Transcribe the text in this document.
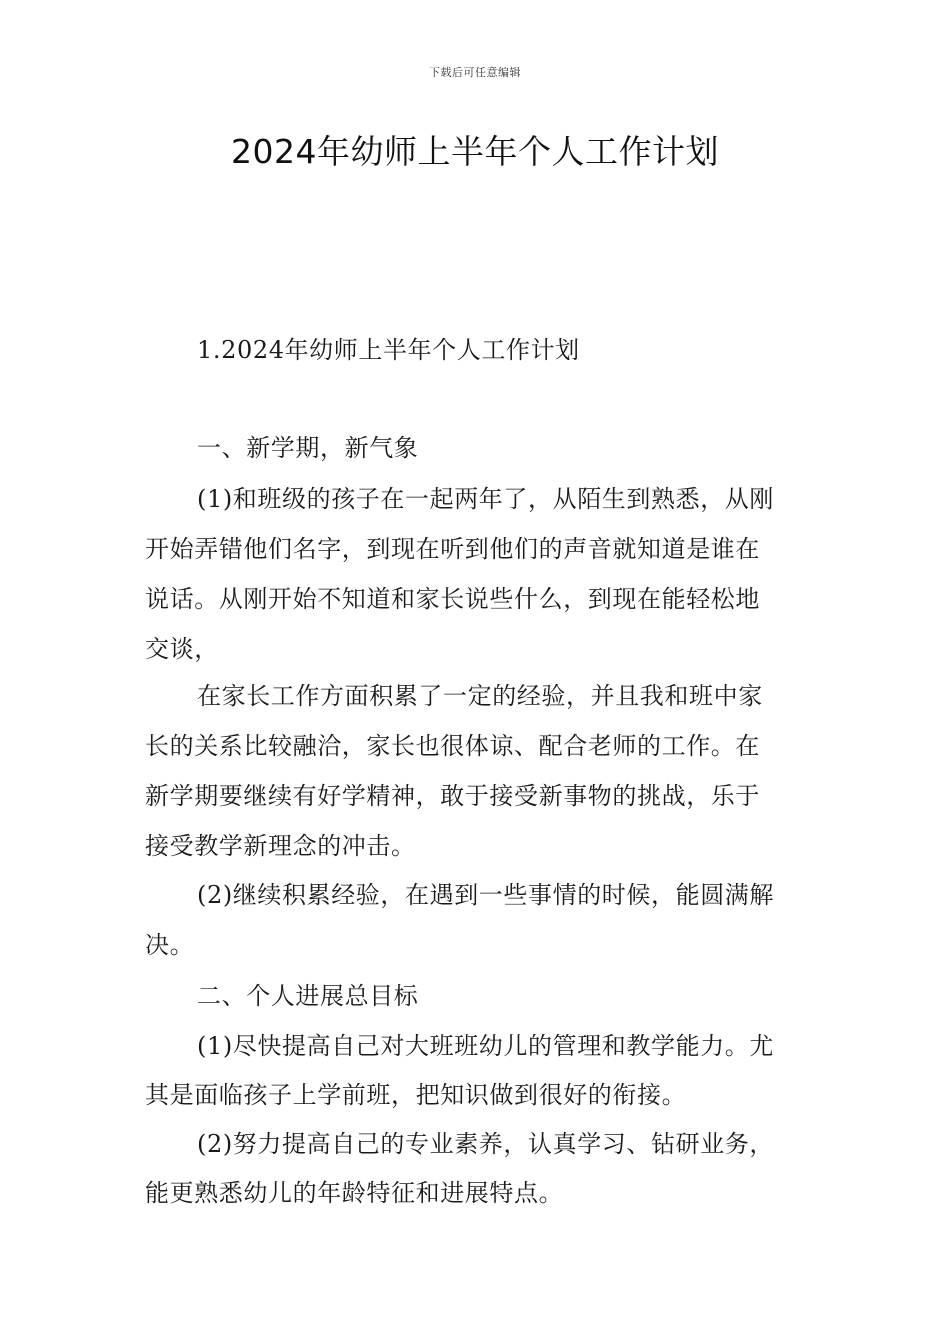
下载后可任意编辑
2024年幼师上半年个人工作计划
1.2024年幼师上半年个人工作计划
一、新学期，新气象
(1)和班级的孩子在一起两年了，从陌生到熟悉，从刚
开始弄错他们名字，到现在听到他们的声音就知道是谁在
说话。从刚开始不知道和家长说些什么，到现在能轻松地
交谈，
在家长工作方面积累了一定的经验，并且我和班中家
长的关系比较融洽，家长也很体谅、配合老师的工作。在
新学期要继续有好学精神，敢于接受新事物的挑战，乐于
接受教学新理念的冲击。
(2)继续积累经验，在遇到一些事情的时候，能圆满解
决。
二、个人进展总目标
(1)尽快提高自己对大班班幼儿的管理和教学能力。尤
其是面临孩子上学前班，把知识做到很好的衔接。
(2)努力提高自己的专业素养，认真学习、钻研业务，
能更熟悉幼儿的年龄特征和进展特点。
